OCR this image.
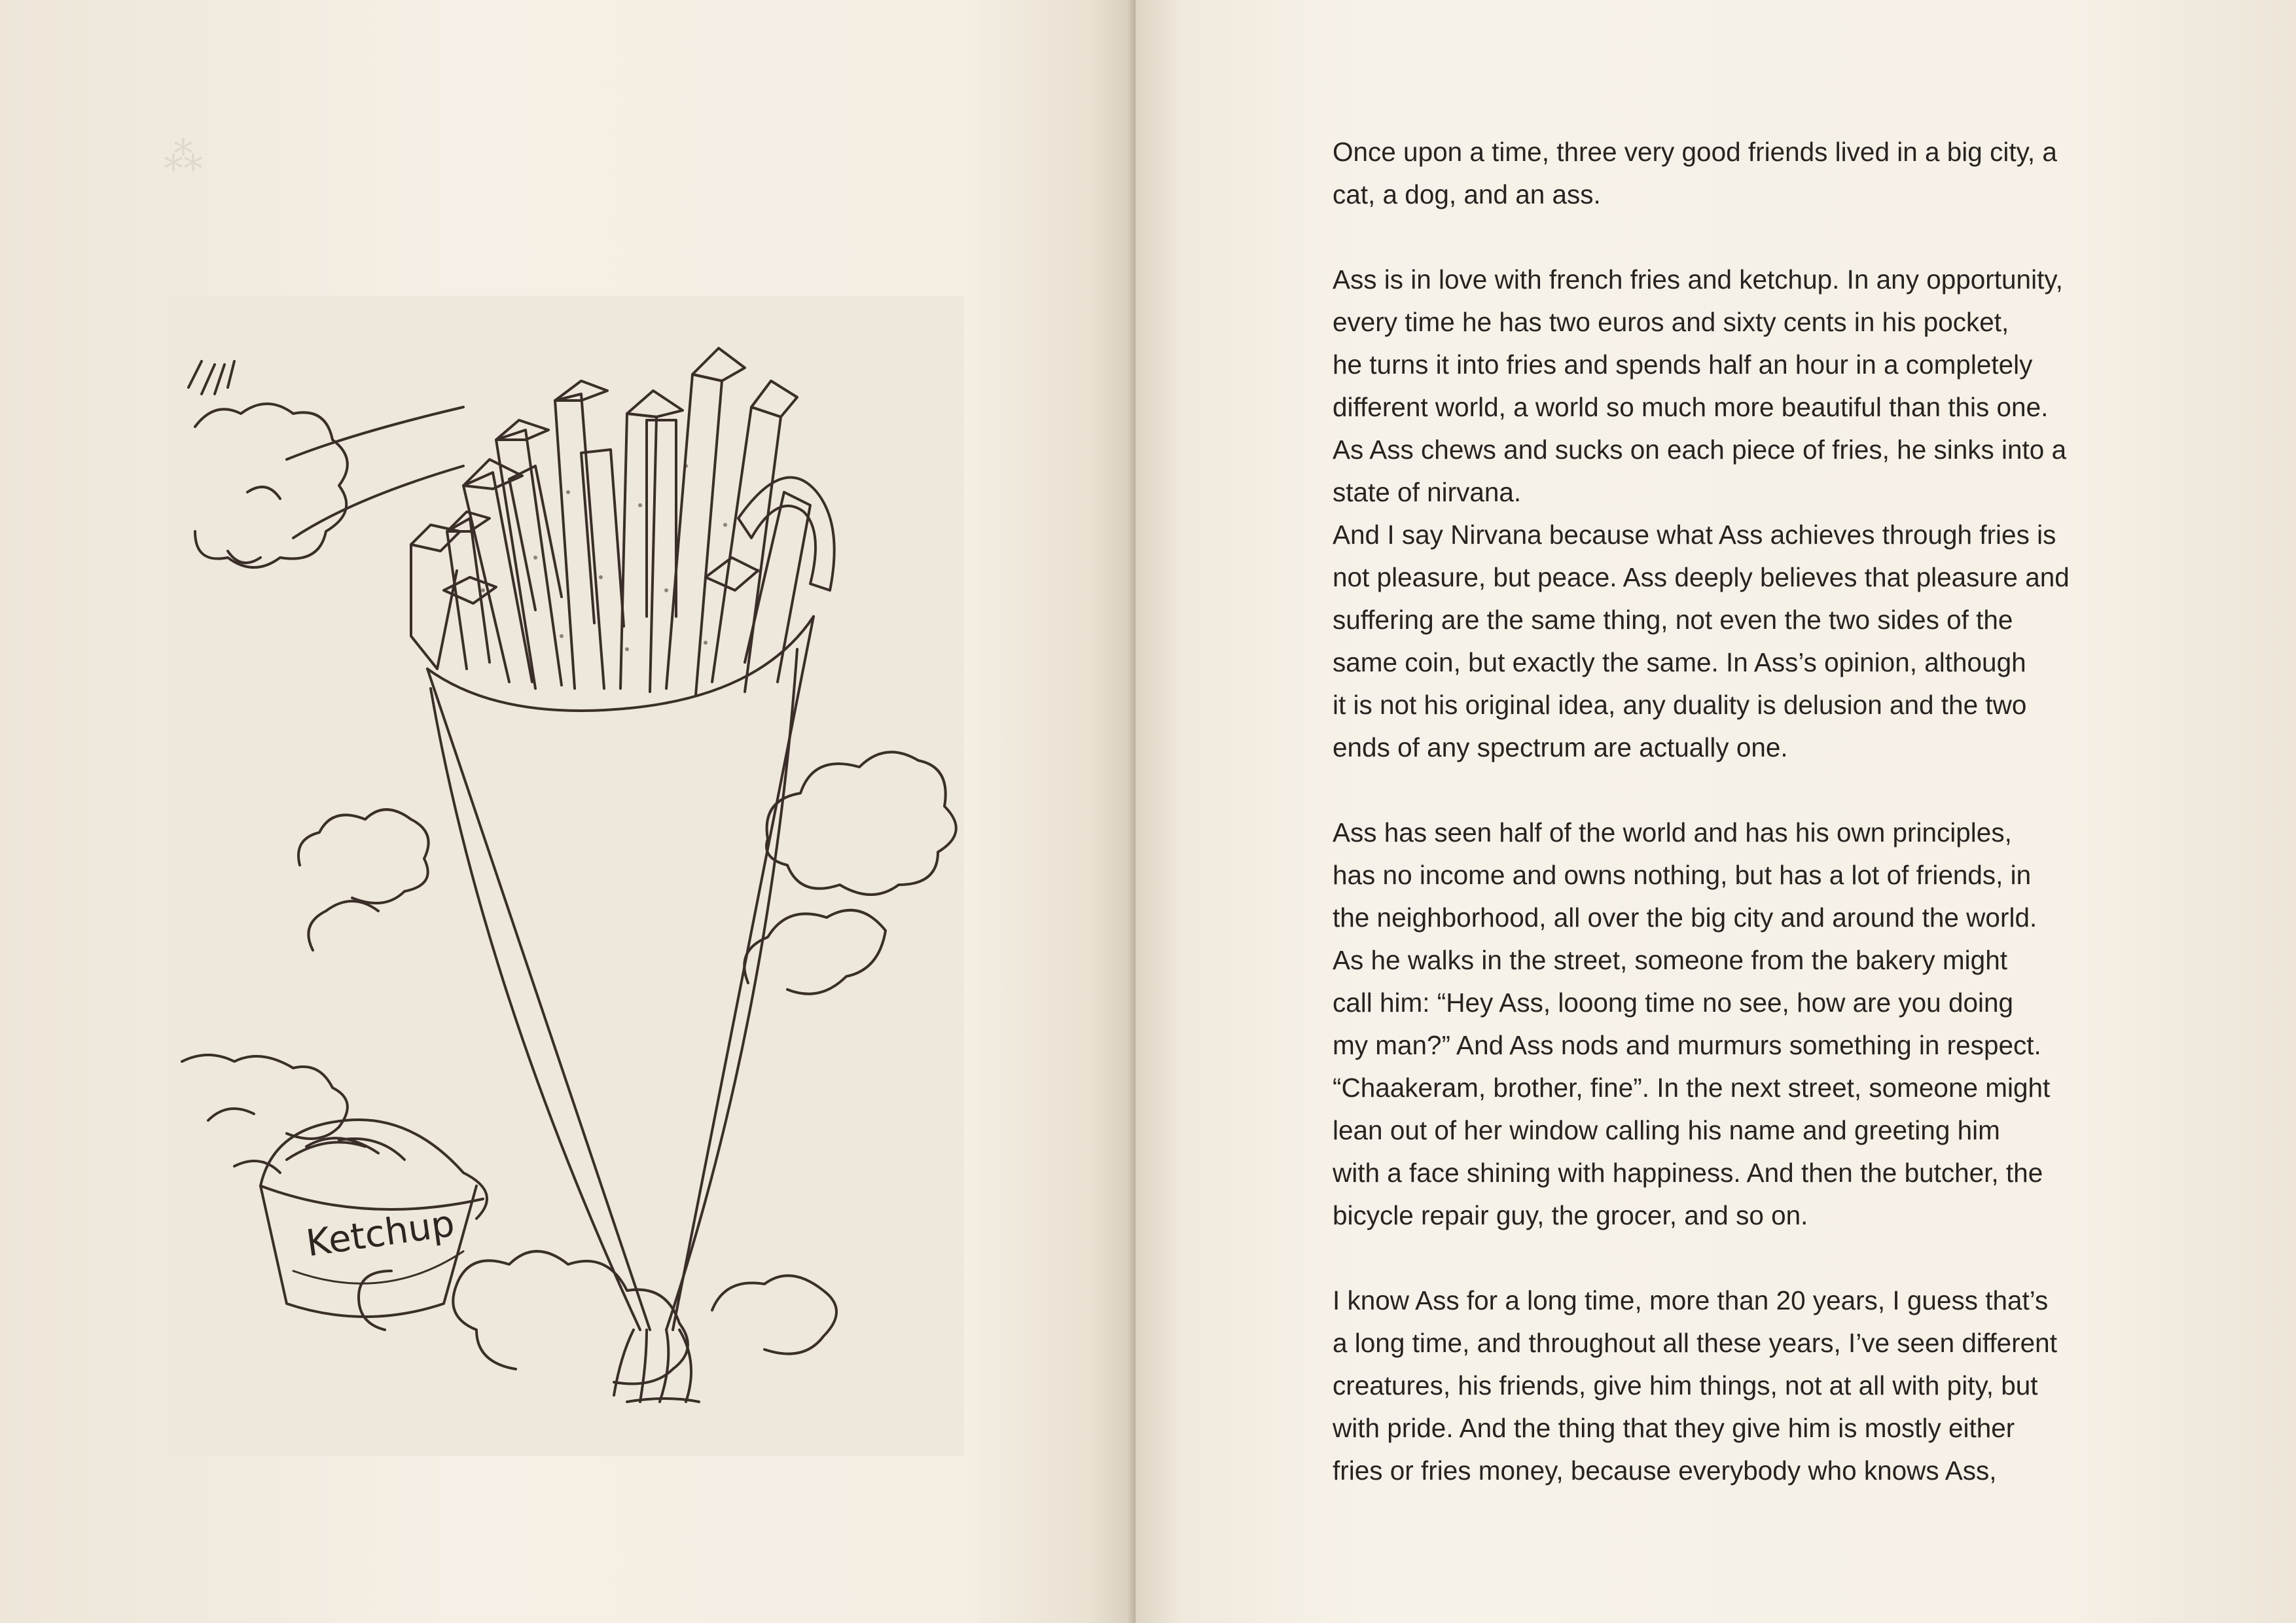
Ketchup
⁂	Once upon a time, three very good friends lived in a big city, a

cat, a dog, and an ass.

Ass is in love with french fries and ketchup. In any opportunity,

every time he has two euros and sixty cents in his pocket,

he turns it into fries and spends half an hour in a completely

different world, a world so much more beautiful than this one.

As Ass chews and sucks on each piece of fries, he sinks into a

state of nirvana.

And I say Nirvana because what Ass achieves through fries is

not pleasure, but peace. Ass deeply believes that pleasure and

suffering are the same thing, not even the two sides of the

same coin, but exactly the same. In Ass’s opinion, although

it is not his original idea, any duality is delusion and the two

ends of any spectrum are actually one.

Ass has seen half of the world and has his own principles,

has no income and owns nothing, but has a lot of friends, in

the neighborhood, all over the big city and around the world.

As he walks in the street, someone from the bakery might

call him: “Hey Ass, looong time no see, how are you doing

my man?” And Ass nods and murmurs something in respect.

“Chaakeram, brother, fine”. In the next street, someone might

lean out of her window calling his name and greeting him

with a face shining with happiness. And then the butcher, the

bicycle repair guy, the grocer, and so on.

I know Ass for a long time, more than 20 years, I guess that’s

a long time, and throughout all these years, I’ve seen different

creatures, his friends, give him things, not at all with pity, but

with pride. And the thing that they give him is mostly either

fries or fries money, because everybody who knows Ass,
